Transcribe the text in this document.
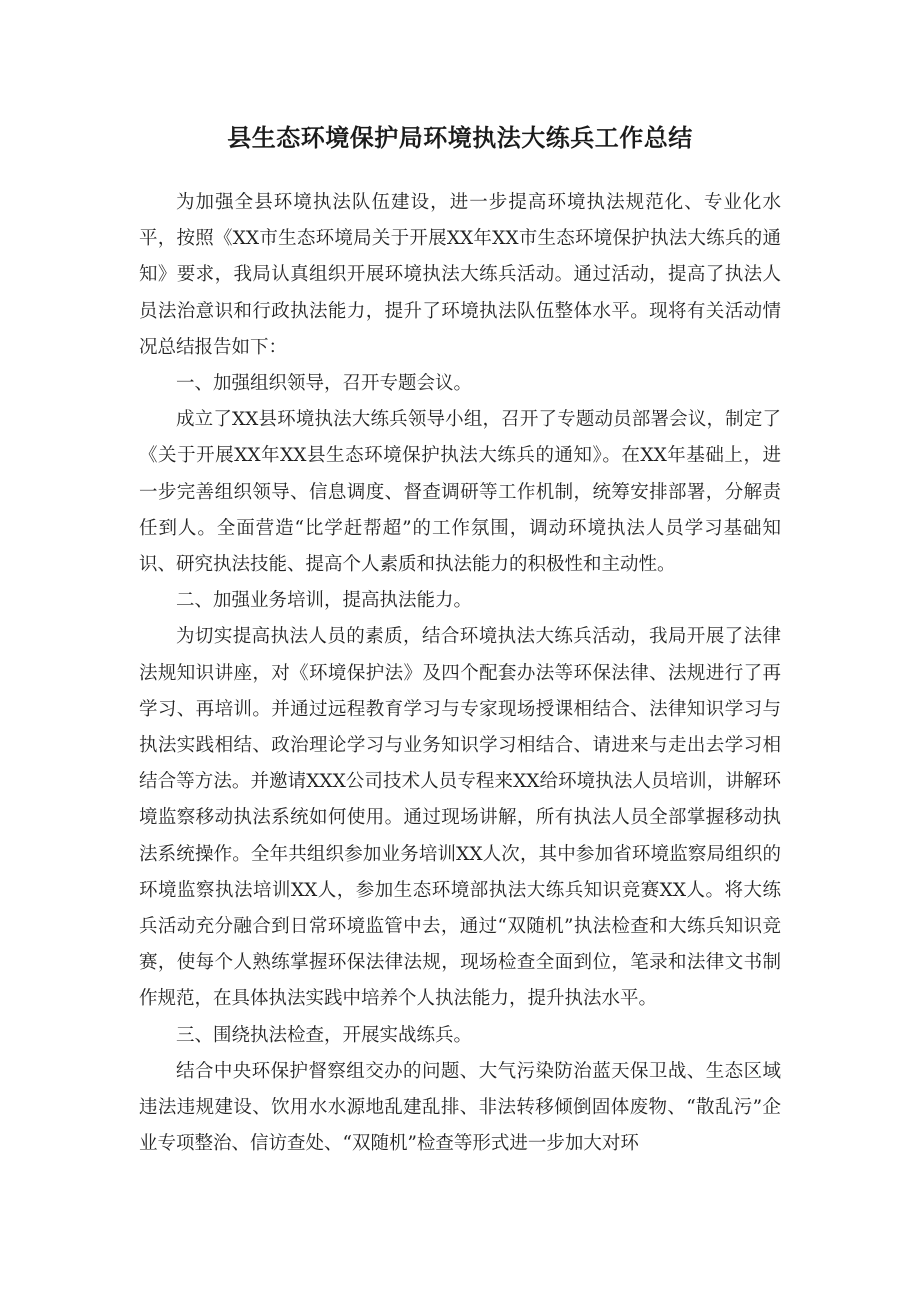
县生态环境保护局环境执法大练兵工作总结

为加强全县环境执法队伍建设，进一步提高环境执法规范化、专业化水平，按照《XX市生态环境局关于开展XX年XX市生态环境保护执法大练兵的通知》要求，我局认真组织开展环境执法大练兵活动。通过活动，提高了执法人员法治意识和行政执法能力，提升了环境执法队伍整体水平。现将有关活动情况总结报告如下：

一、加强组织领导，召开专题会议。

成立了XX县环境执法大练兵领导小组，召开了专题动员部署会议，制定了《关于开展XX年XX县生态环境保护执法大练兵的通知》。在XX年基础上，进一步完善组织领导、信息调度、督查调研等工作机制，统筹安排部署，分解责任到人。全面营造“比学赶帮超”的工作氛围，调动环境执法人员学习基础知识、研究执法技能、提高个人素质和执法能力的积极性和主动性。

二、加强业务培训，提高执法能力。

为切实提高执法人员的素质，结合环境执法大练兵活动，我局开展了法律法规知识讲座，对《环境保护法》及四个配套办法等环保法律、法规进行了再学习、再培训。并通过远程教育学习与专家现场授课相结合、法律知识学习与执法实践相结、政治理论学习与业务知识学习相结合、请进来与走出去学习相结合等方法。并邀请XXX公司技术人员专程来XX给环境执法人员培训，讲解环境监察移动执法系统如何使用。通过现场讲解，所有执法人员全部掌握移动执法系统操作。全年共组织参加业务培训XX人次，其中参加省环境监察局组织的环境监察执法培训XX人，参加生态环境部执法大练兵知识竞赛XX人。将大练兵活动充分融合到日常环境监管中去，通过“双随机”执法检查和大练兵知识竞赛，使每个人熟练掌握环保法律法规，现场检查全面到位，笔录和法律文书制作规范，在具体执法实践中培养个人执法能力，提升执法水平。

三、围绕执法检查，开展实战练兵。

结合中央环保护督察组交办的问题、大气污染防治蓝天保卫战、生态区域违法违规建设、饮用水水源地乱建乱排、非法转移倾倒固体废物、“散乱污”企业专项整治、信访查处、“双随机”检查等形式进一步加大对环
